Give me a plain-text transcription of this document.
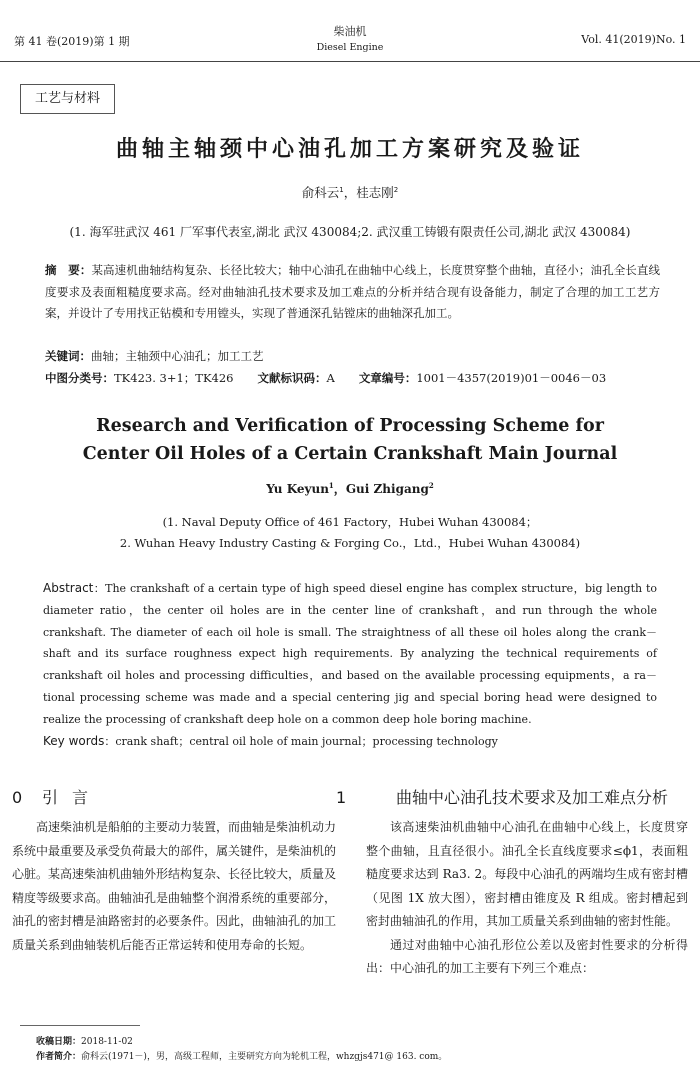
第 41 卷(2019)第 1 期
柴油机
Diesel Engine
Vol. 41(2019)No. 1
工艺与材料
曲轴主轴颈中心油孔加工方案研究及验证
俞科云$^1$，桂志刚$^2$
(1. 海军驻武汉 461 厂军事代表室,湖北 武汉 430084;2. 武汉重工铸锻有限责任公司,湖北 武汉 430084)
摘　要：某高速机曲轴结构复杂、长径比较大；轴中心油孔在曲轴中心线上，长度贯穿整个曲轴，直径小；油孔全长直线度要求及表面粗糙度要求高。经对曲轴油孔技术要求及加工难点的分析并结合现有设备能力，制定了合理的加工工艺方案，并设计了专用找正钻模和专用镗头，实现了普通深孔钻镗床的曲轴深孔加工。
关键词：曲轴；主轴颈中心油孔；加工工艺
中图分类号：TK423. 3+1；TK426 文献标识码：A 文章编号：1001－4357(2019)01－0046－03
Research and Verification of Processing Scheme for
Center Oil Holes of a Certain Crankshaft Main Journal
Yu Keyun$^1$，Gui Zhigang$^2$
(1. Naval Deputy Office of 461 Factory，Hubei Wuhan 430084；
2. Wuhan Heavy Industry Casting & Forging Co.，Ltd.，Hubei Wuhan 430084)
Abstract：The crankshaft of a certain type of high speed diesel engine has complex structure，big length to diameter ratio，the center oil holes are in the center line of crankshaft，and run through the whole crankshaft. The diameter of each oil hole is small. The straightness of all these oil holes along the crank－shaft and its surface roughness expect high requirements. By analyzing the technical requirements of crankshaft oil holes and processing difficulties，and based on the available processing equipments，a ra－tional processing scheme was made and a special centering jig and special boring head were designed to realize the processing of crankshaft deep hole on a common deep hole boring machine.
Key words：crank shaft；central oil hole of main journal；processing technology
0 引言

高速柴油机是船舶的主要动力装置，而曲轴是柴油机动力系统中最重要及承受负荷最大的部件，属关键件，是柴油机的心脏。某高速柴油机曲轴外形结构复杂、长径比较大，质量及精度等级要求高。曲轴油孔是曲轴整个润滑系统的重要部分，油孔的密封槽是油路密封的必要条件。因此，曲轴油孔的加工质量关系到曲轴装机后能否正常运转和使用寿命的长短。

1	曲轴中心油孔技术要求及加工难点分析

该高速柴油机曲轴中心油孔在曲轴中心线上，长度贯穿整个曲轴，且直径很小。油孔全长直线度要求≤ϕ1，表面粗糙度要求达到 Ra3. 2。每段中心油孔的两端均生成有密封槽（见图 1X 放大图），密封槽由锥度及 R 组成。密封槽起到密封曲轴油孔的作用，其加工质量关系到曲轴的密封性能。

通过对曲轴中心油孔形位公差以及密封性要求的分析得出：中心油孔的加工主要有下列三个难点：

收稿日期：2018-11-02
作者简介：俞科云(1971－)，男，高级工程师，主要研究方向为轮机工程，whzgjs471@ 163. com。
